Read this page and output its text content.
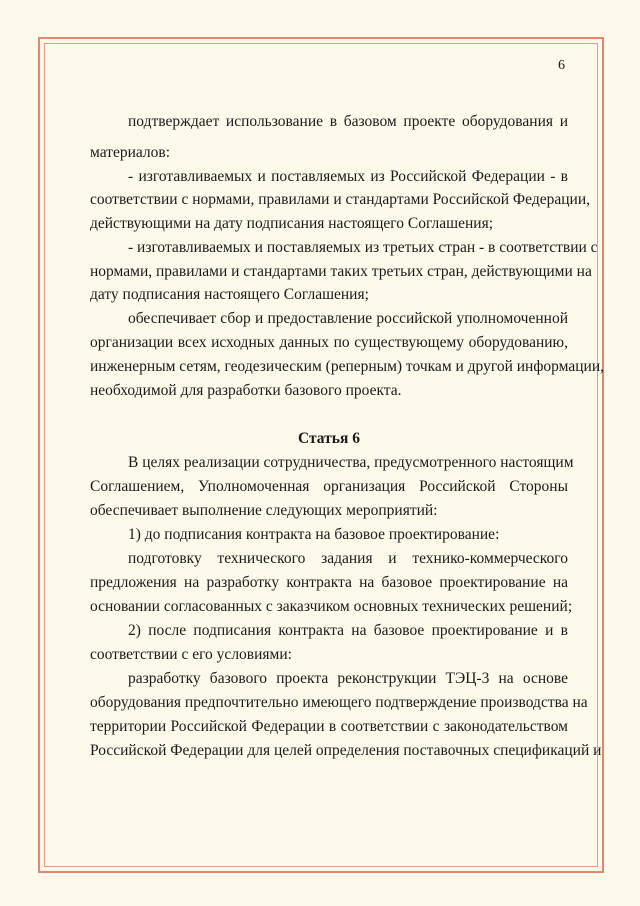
6
подтверждает использование в базовом проекте оборудования и
материалов:
- изготавливаемых и поставляемых из Российской Федерации - в
соответствии с нормами, правилами и стандартами Российской Федерации,
действующими на дату подписания настоящего Соглашения;
- изготавливаемых и поставляемых из третьих стран - в соответствии с
нормами, правилами и стандартами таких третьих стран, действующими на
дату подписания настоящего Соглашения;
обеспечивает сбор и предоставление российской уполномоченной
организации всех исходных данных по существующему оборудованию,
инженерным сетям, геодезическим (реперным) точкам и другой информации,
необходимой для разработки базового проекта.
Статья 6
В целях реализации сотрудничества, предусмотренного настоящим
Соглашением, Уполномоченная организация Российской Стороны
обеспечивает выполнение следующих мероприятий:
1) до подписания контракта на базовое проектирование:
подготовку технического задания и технико-коммерческого
предложения на разработку контракта на базовое проектирование на
основании согласованных с заказчиком основных технических решений;
2) после подписания контракта на базовое проектирование и в
соответствии с его условиями:
разработку базового проекта реконструкции ТЭЦ-3 на основе
оборудования предпочтительно имеющего подтверждение производства на
территории Российской Федерации в соответствии с законодательством
Российской Федерации для целей определения поставочных спецификаций и
